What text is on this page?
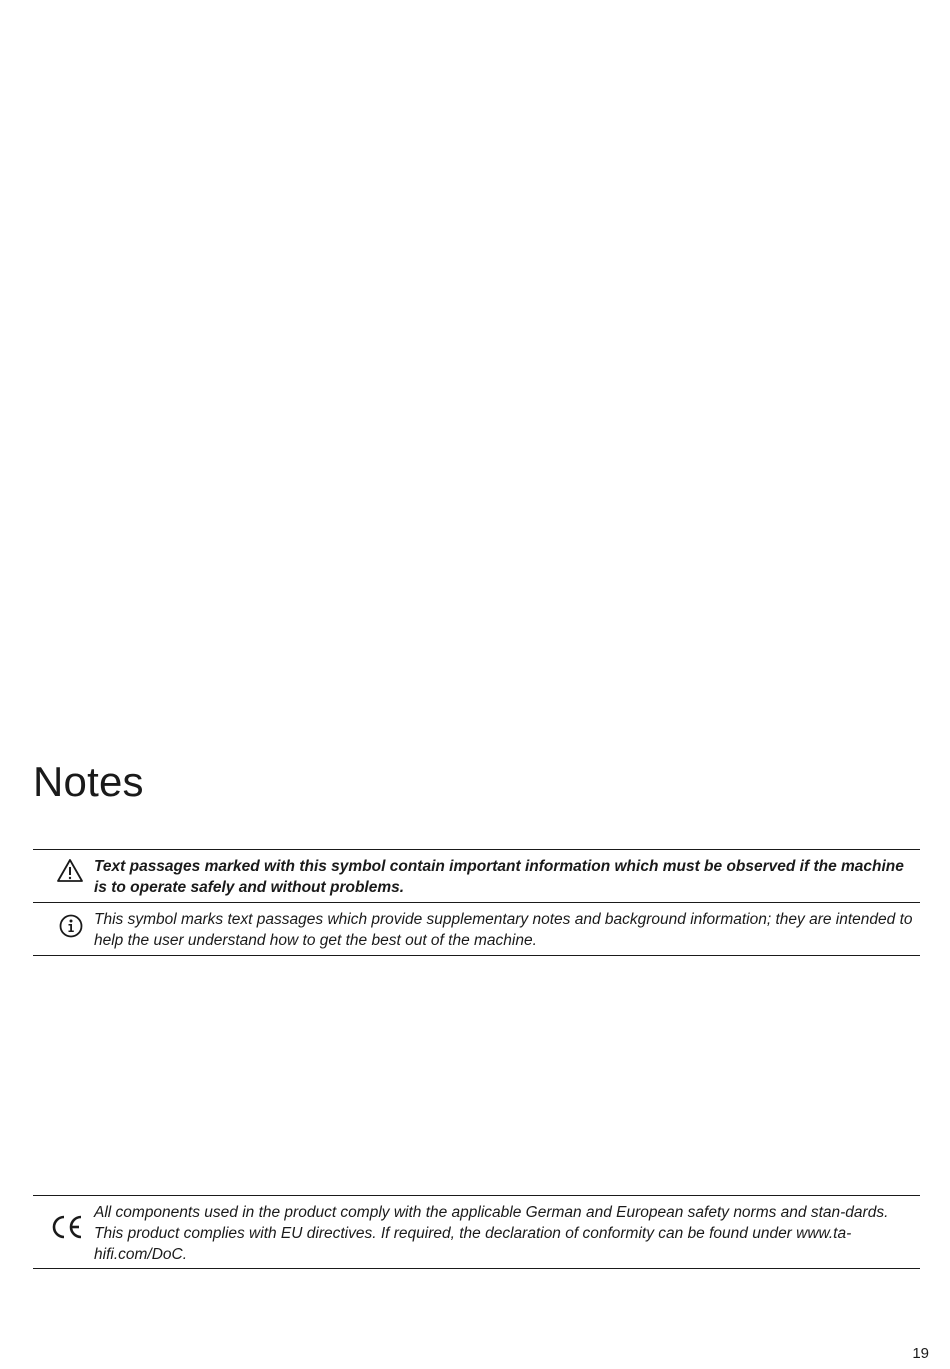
Notes
Text passages marked with this symbol contain important information which must be observed if the machine is to operate safely and without problems.
This symbol marks text passages which provide supplementary notes and background information; they are intended to help the user understand how to get the best out of the machine.
All components used in the product comply with the applicable German and European safety norms and stan-dards. This product complies with EU directives. If required, the declaration of conformity can be found under www.ta-hifi.com/DoC.
19
